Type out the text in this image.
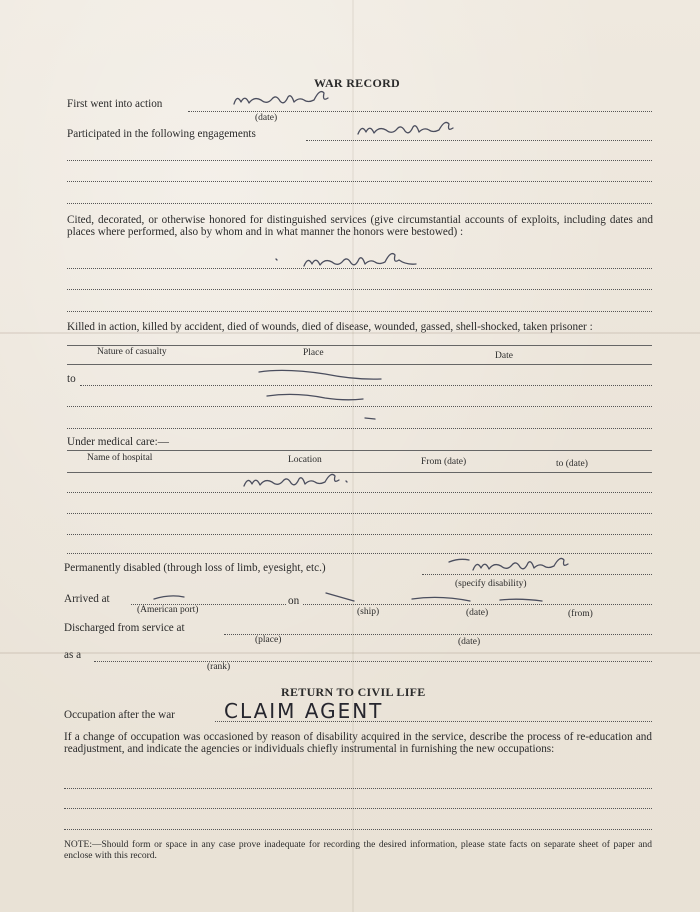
WAR RECORD
First went into action
(date)
Participated in the following engagements
Cited, decorated, or otherwise honored for distinguished services (give circumstantial accounts of exploits, including dates and places where performed, also by whom and in what manner the honors were bestowed) :
Killed in action, killed by accident, died of wounds, died of disease, wounded, gassed, shell-shocked, taken prisoner :
Nature of casualty	Place	Date
to
Under medical care:—
Name of hospital	Location	From (date)	to (date)
Permanently disabled (through loss of limb, eyesight, etc.)
(specify disability)
Arrived at	on
(American port)	(ship)	(date)	(from)
Discharged from service at
(place)	(date)
as a
(rank)
RETURN TO CIVIL LIFE
Occupation after the war CLAIM AGENT
If a change of occupation was occasioned by reason of disability acquired in the service, describe the process of re-education and readjustment, and indicate the agencies or individuals chiefly instrumental in furnishing the new occupations:
NOTE:—Should form or space in any case prove inadequate for recording the desired information, please state facts on separate sheet of paper and enclose with this record.
